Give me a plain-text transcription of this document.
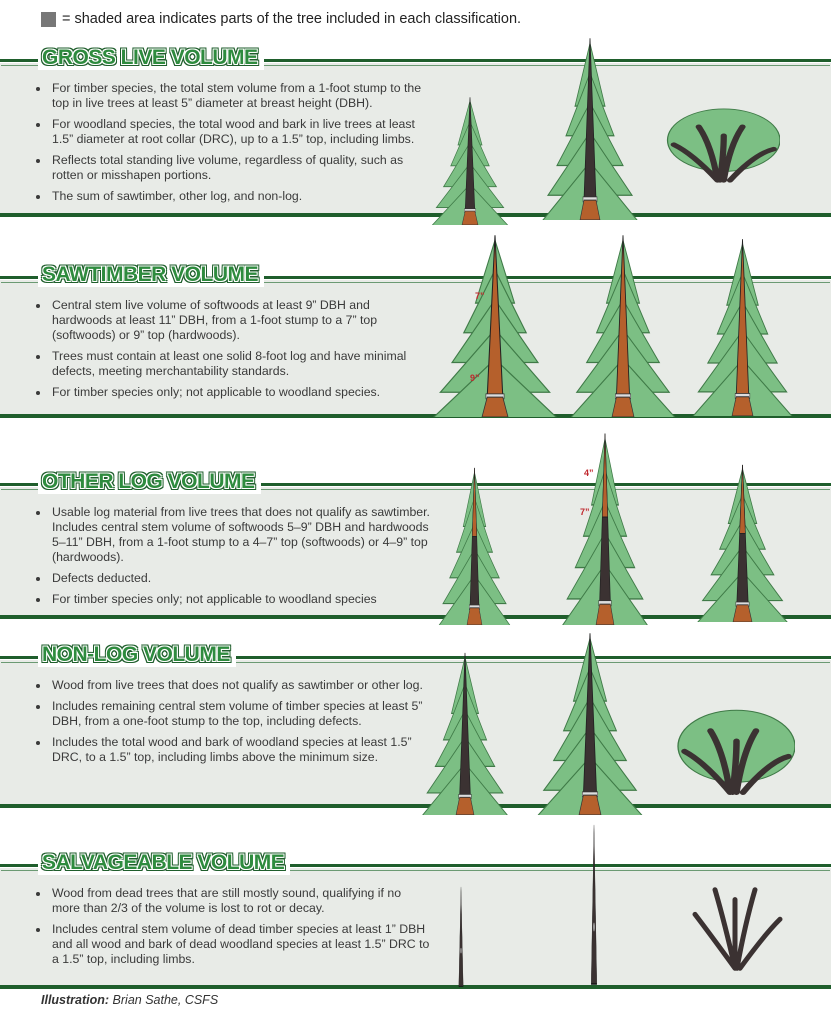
= shaded area indicates parts of the tree included in each classification.
GROSS LIVE VOLUME
• For timber species, the total stem volume from a 1-foot stump to the top in live trees at least 5” diameter at breast height (DBH).
• For woodland species, the total wood and bark in live trees at least 1.5” diameter at root collar (DRC), up to a 1.5” top, including limbs.
• Reflects total standing live volume, regardless of quality, such as rotten or misshapen portions.
• The sum of sawtimber, other log, and non-log.
SAWTIMBER VOLUME
• Central stem live volume of softwoods at least 9” DBH and hardwoods at least 11” DBH, from a 1-foot stump to a 7” top (softwoods) or 9” top (hardwoods).
• Trees must contain at least one solid 8-foot log and have minimal defects, meeting merchantability standards.
• For timber species only; not applicable to woodland species.
OTHER LOG VOLUME
• Usable log material from live trees that does not qualify as sawtimber. Includes central stem volume of softwoods 5–9” DBH and hardwoods 5–11” DBH, from a 1-foot stump to a 4–7” top (softwoods) or 4–9” top (hardwoods).
• Defects deducted.
• For timber species only; not applicable to woodland species
NON-LOG VOLUME
• Wood from live trees that does not qualify as sawtimber or other log.
• Includes remaining central stem volume of timber species at least 5” DBH, from a one-foot stump to the top, including defects.
• Includes the total wood and bark of woodland species at least 1.5” DRC, to a 1.5” top, including limbs above the minimum size.
SALVAGEABLE VOLUME
• Wood from dead trees that are still mostly sound, qualifying if no more than 2/3 of the volume is lost to rot or decay.
• Includes central stem volume of dead timber species at least 1” DBH and all wood and bark of dead woodland species at least 1.5” DRC to a 1.5” top, including limbs.
7”
9”
4”
7”
Illustration: Brian Sathe, CSFS
